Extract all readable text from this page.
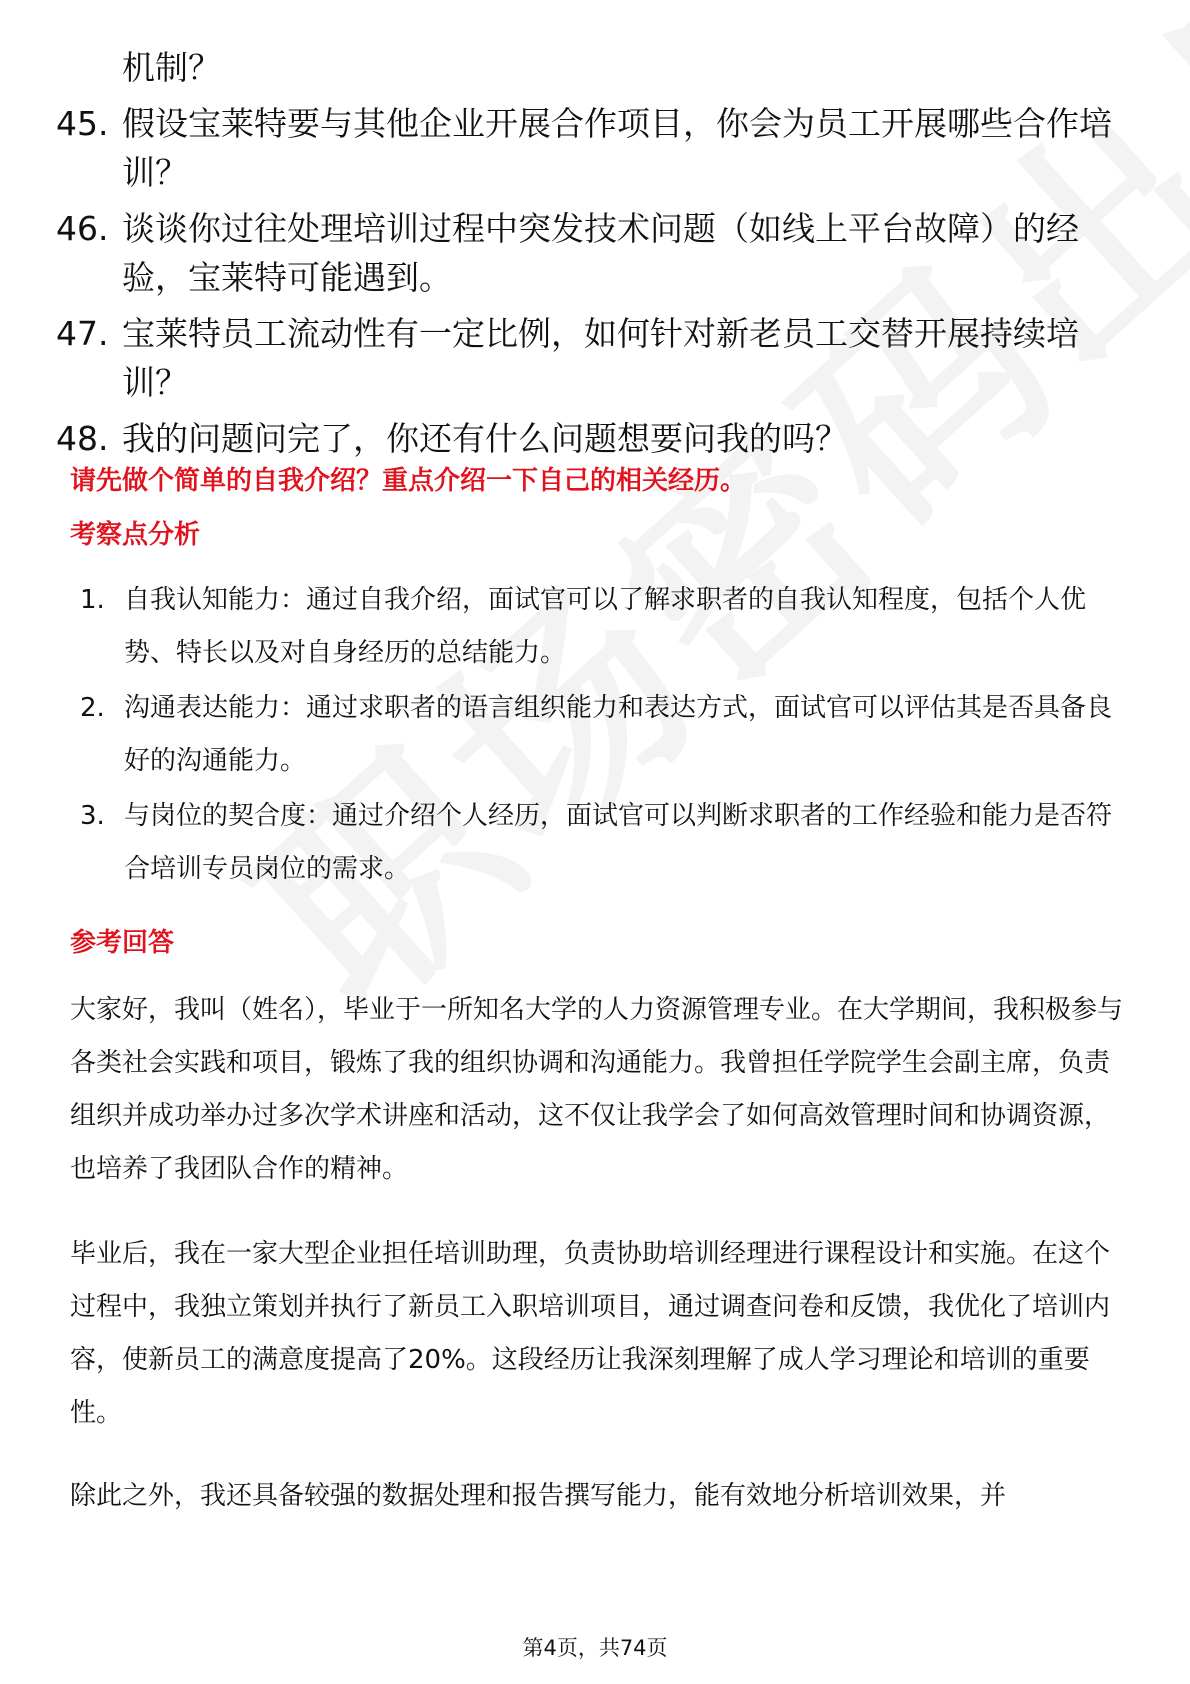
机制？
45. 假设宝莱特要与其他企业开展合作项目，你会为员工开展哪些合作培训？
46. 谈谈你过往处理培训过程中突发技术问题（如线上平台故障）的经验，宝莱特可能遇到。
47. 宝莱特员工流动性有一定比例，如何针对新老员工交替开展持续培训？
48. 我的问题问完了，你还有什么问题想要问我的吗？
请先做个简单的自我介绍？重点介绍一下自己的相关经历。
考察点分析
1. 自我认知能力：通过自我介绍，面试官可以了解求职者的自我认知程度，包括个人优势、特长以及对自身经历的总结能力。
2. 沟通表达能力：通过求职者的语言组织能力和表达方式，面试官可以评估其是否具备良好的沟通能力。
3. 与岗位的契合度：通过介绍个人经历，面试官可以判断求职者的工作经验和能力是否符合培训专员岗位的需求。
参考回答

大家好，我叫（姓名），毕业于一所知名大学的人力资源管理专业。在大学期间，我积极参与各类社会实践和项目，锻炼了我的组织协调和沟通能力。我曾担任学院学生会副主席，负责组织并成功举办过多次学术讲座和活动，这不仅让我学会了如何高效管理时间和协调资源，也培养了我团队合作的精神。

毕业后，我在一家大型企业担任培训助理，负责协助培训经理进行课程设计和实施。在这个过程中，我独立策划并执行了新员工入职培训项目，通过调查问卷和反馈，我优化了培训内容，使新员工的满意度提高了20%。这段经历让我深刻理解了成人学习理论和培训的重要性。

除此之外，我还具备较强的数据处理和报告撰写能力，能有效地分析培训效果，并

第4页，共74页
